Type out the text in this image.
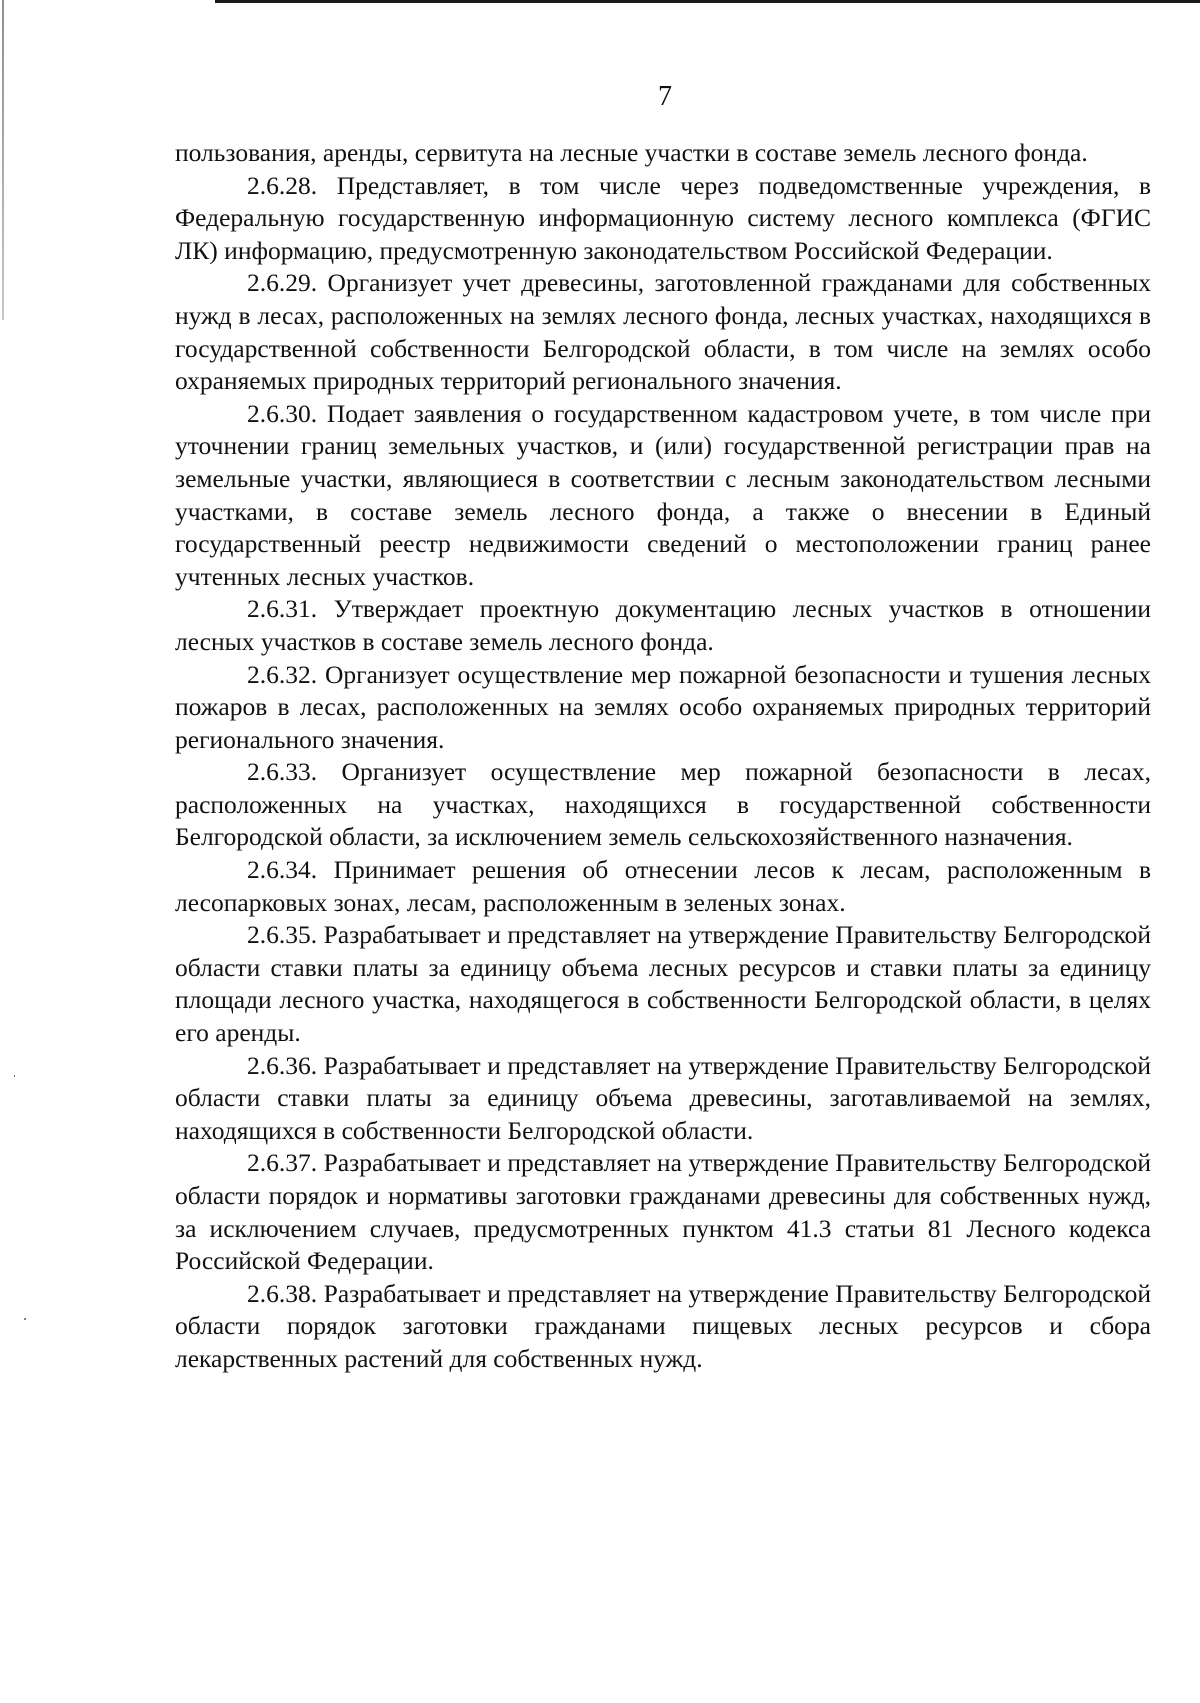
7

пользования, аренды, сервитута на лесные участки в составе земель лесного фонда.

2.6.28. Представляет, в том числе через подведомственные учреждения, в Федеральную государственную информационную систему лесного комплекса (ФГИС ЛК) информацию, предусмотренную законодательством Российской Федерации.

2.6.29. Организует учет древесины, заготовленной гражданами для собственных нужд в лесах, расположенных на землях лесного фонда, лесных участках, находящихся в государственной собственности Белгородской области, в том числе на землях особо охраняемых природных территорий регионального значения.

2.6.30. Подает заявления о государственном кадастровом учете, в том числе при уточнении границ земельных участков, и (или) государственной регистрации прав на земельные участки, являющиеся в соответствии с лесным законодательством лесными участками, в составе земель лесного фонда, а также о внесении в Единый государственный реестр недвижимости сведений о местоположении границ ранее учтенных лесных участков.

2.6.31. Утверждает проектную документацию лесных участков в отношении лесных участков в составе земель лесного фонда.

2.6.32. Организует осуществление мер пожарной безопасности и тушения лесных пожаров в лесах, расположенных на землях особо охраняемых природных территорий регионального значения.

2.6.33. Организует осуществление мер пожарной безопасности в лесах, расположенных на участках, находящихся в государственной собственности Белгородской области, за исключением земель сельскохозяйственного назначения.

2.6.34. Принимает решения об отнесении лесов к лесам, расположенным в лесопарковых зонах, лесам, расположенным в зеленых зонах.

2.6.35. Разрабатывает и представляет на утверждение Правительству Белгородской области ставки платы за единицу объема лесных ресурсов и ставки платы за единицу площади лесного участка, находящегося в собственности Белгородской области, в целях его аренды.

2.6.36. Разрабатывает и представляет на утверждение Правительству Белгородской области ставки платы за единицу объема древесины, заготавливаемой на землях, находящихся в собственности Белгородской области.

2.6.37. Разрабатывает и представляет на утверждение Правительству Белгородской области порядок и нормативы заготовки гражданами древесины для собственных нужд, за исключением случаев, предусмотренных пунктом 41.3 статьи 81 Лесного кодекса Российской Федерации.

2.6.38. Разрабатывает и представляет на утверждение Правительству Белгородской области порядок заготовки гражданами пищевых лесных ресурсов и сбора лекарственных растений для собственных нужд.
